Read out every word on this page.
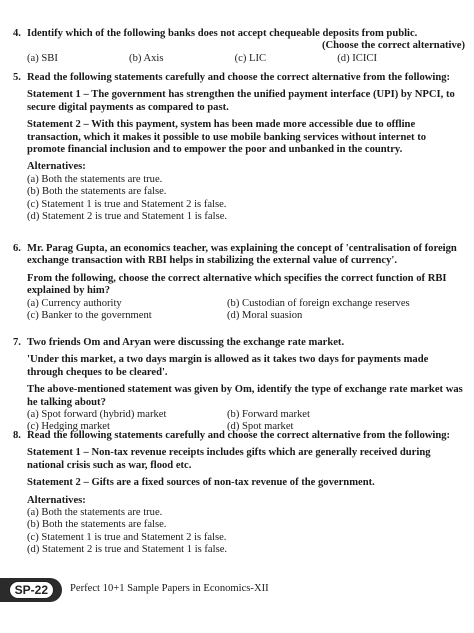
4. Identify which of the following banks does not accept chequeable deposits from public.
(Choose the correct alternative)
(a) SBI	(b) Axis	(c) LIC	(d) ICICI
5. Read the following statements carefully and choose the correct alternative from the following:
Statement 1 – The government has strengthen the unified payment interface (UPI) by NPCI, to secure digital payments as compared to past.
Statement 2 – With this payment, system has been made more accessible due to offline transaction, which it makes it possible to use mobile banking services without internet to promote financial inclusion and to empower the poor and unbanked in the country.
Alternatives:
(a) Both the statements are true.
(b) Both the statements are false.
(c) Statement 1 is true and Statement 2 is false.
(d) Statement 2 is true and Statement 1 is false.
6. Mr. Parag Gupta, an economics teacher, was explaining the concept of 'centralisation of foreign exchange transaction with RBI helps in stabilizing the external value of currency'.
From the following, choose the correct alternative which specifies the correct function of RBI explained by him?
(a) Currency authority	(b) Custodian of foreign exchange reserves
(c) Banker to the government	(d) Moral suasion
7. Two friends Om and Aryan were discussing the exchange rate market.
'Under this market, a two days margin is allowed as it takes two days for payments made through cheques to be cleared'.
The above-mentioned statement was given by Om, identify the type of exchange rate market was he talking about?
(a) Spot forward (hybrid) market	(b) Forward market
(c) Hedging market	(d) Spot market
8. Read the following statements carefully and choose the correct alternative from the following:
Statement 1 – Non-tax revenue receipts includes gifts which are generally received during national crisis such as war, flood etc.
Statement 2 – Gifts are a fixed sources of non-tax revenue of the government.
Alternatives:
(a) Both the statements are true.
(b) Both the statements are false.
(c) Statement 1 is true and Statement 2 is false.
(d) Statement 2 is true and Statement 1 is false.
SP-22	Perfect 10+1 Sample Papers in Economics-XII
